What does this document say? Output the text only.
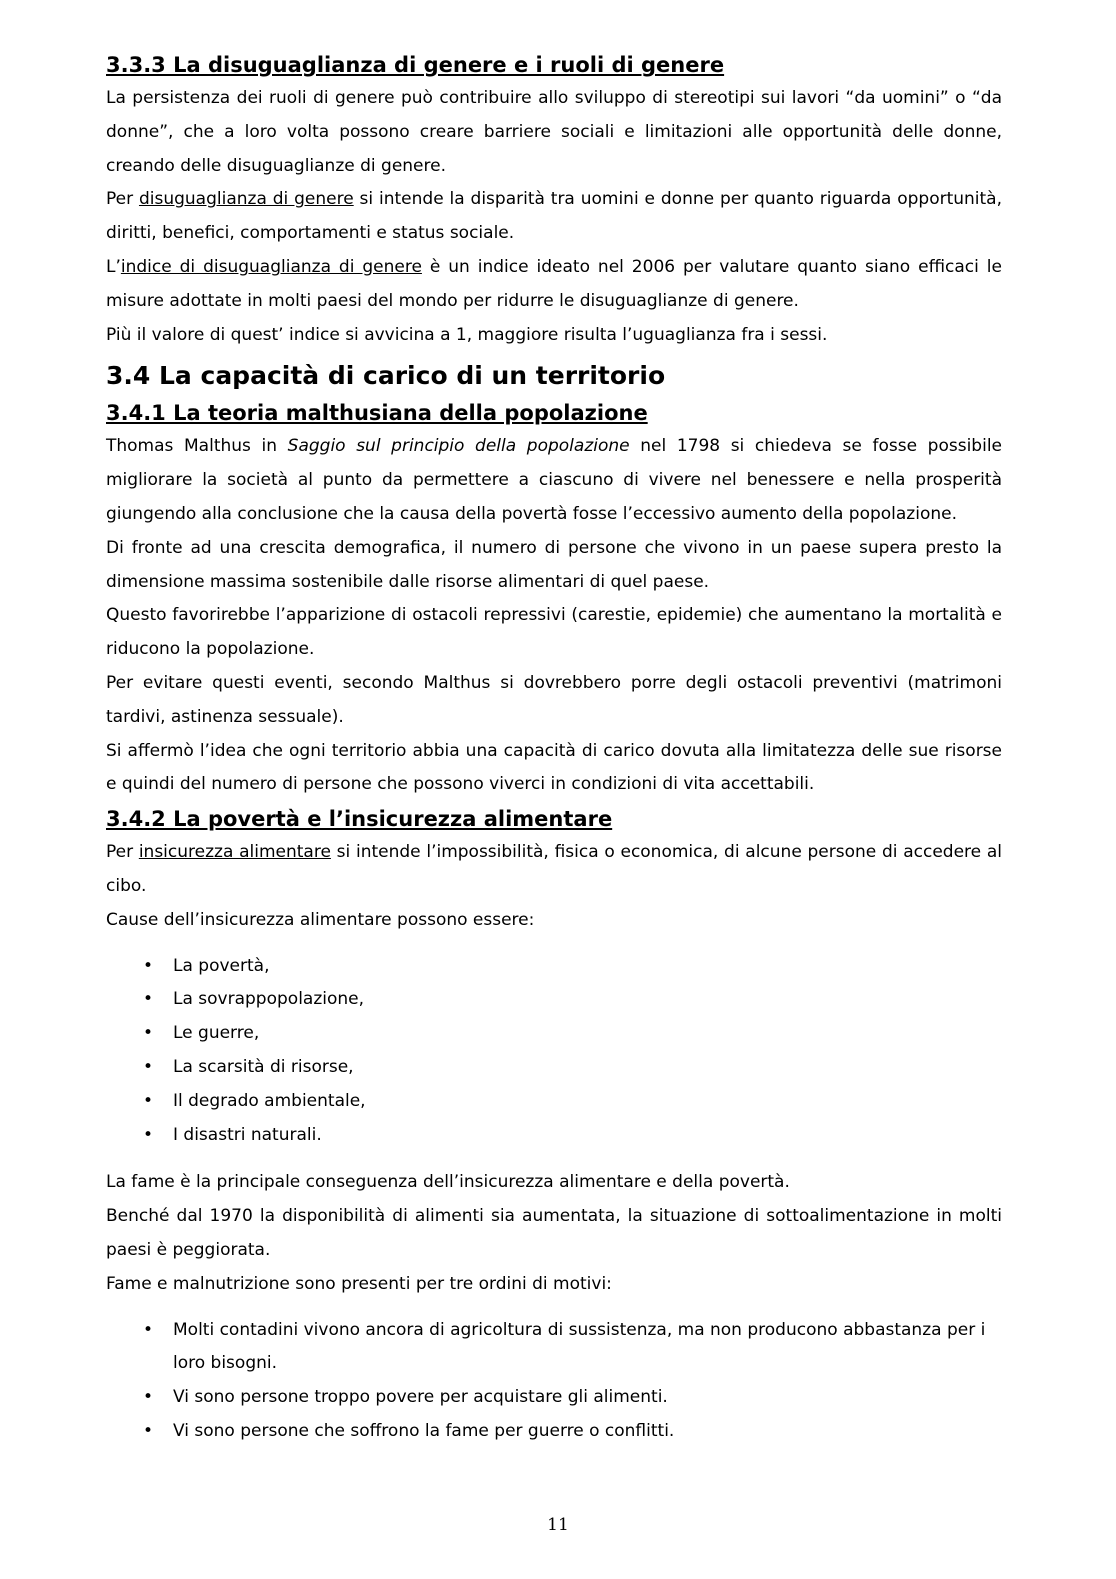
3.3.3 La disuguaglianza di genere e i ruoli di genere

La persistenza dei ruoli di genere può contribuire allo sviluppo di stereotipi sui lavori “da uomini” o “da donne”, che a loro volta possono creare barriere sociali e limitazioni alle opportunità delle donne, creando delle disuguaglianze di genere.

Per disuguaglianza di genere si intende la disparità tra uomini e donne per quanto riguarda opportunità, diritti, benefici, comportamenti e status sociale.

L’indice di disuguaglianza di genere è un indice ideato nel 2006 per valutare quanto siano efficaci le misure adottate in molti paesi del mondo per ridurre le disuguaglianze di genere.

Più il valore di quest’ indice si avvicina a 1, maggiore risulta l’uguaglianza fra i sessi.

3.4 La capacità di carico di un territorio
3.4.1 La teoria malthusiana della popolazione

Thomas Malthus in Saggio sul principio della popolazione nel 1798 si chiedeva se fosse possibile migliorare la società al punto da permettere a ciascuno di vivere nel benessere e nella prosperità giungendo alla conclusione che la causa della povertà fosse l’eccessivo aumento della popolazione.

Di fronte ad una crescita demografica, il numero di persone che vivono in un paese supera presto la dimensione massima sostenibile dalle risorse alimentari di quel paese.

Questo favorirebbe l’apparizione di ostacoli repressivi (carestie, epidemie) che aumentano la mortalità e riducono la popolazione.

Per evitare questi eventi, secondo Malthus si dovrebbero porre degli ostacoli preventivi (matrimoni tardivi, astinenza sessuale).

Si affermò l’idea che ogni territorio abbia una capacità di carico dovuta alla limitatezza delle sue risorse e quindi del numero di persone che possono viverci in condizioni di vita accettabili.

3.4.2 La povertà e l’insicurezza alimentare

Per insicurezza alimentare si intende l’impossibilità, fisica o economica, di alcune persone di accedere al cibo.

Cause dell’insicurezza alimentare possono essere:

• La povertà,
• La sovrappopolazione,
• Le guerre,
• La scarsità di risorse,
• Il degrado ambientale,
• I disastri naturali.

La fame è la principale conseguenza dell’insicurezza alimentare e della povertà.

Benché dal 1970 la disponibilità di alimenti sia aumentata, la situazione di sottoalimentazione in molti paesi è peggiorata.

Fame e malnutrizione sono presenti per tre ordini di motivi:

• Molti contadini vivono ancora di agricoltura di sussistenza, ma non producono abbastanza per i loro bisogni.
• Vi sono persone troppo povere per acquistare gli alimenti.
• Vi sono persone che soffrono la fame per guerre o conflitti.
11
